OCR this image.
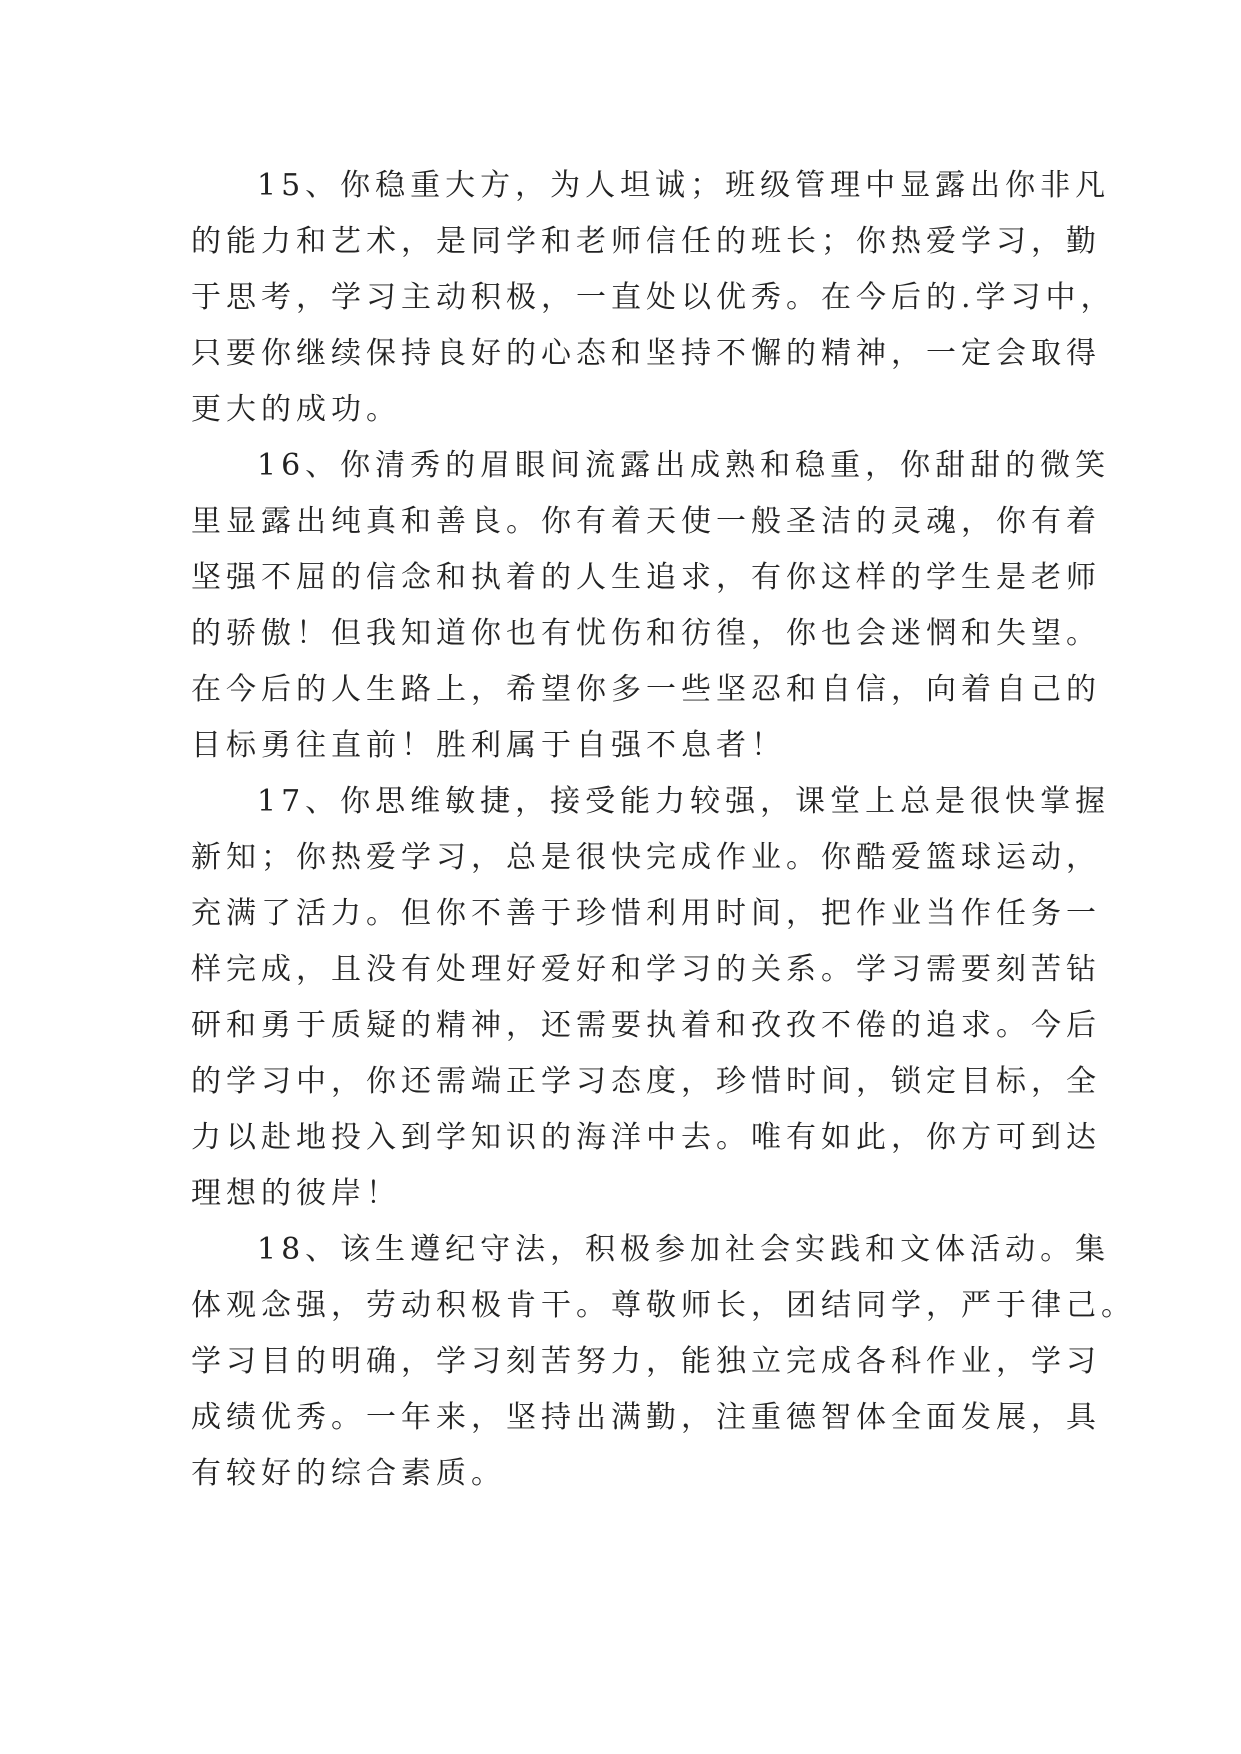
15、你稳重大方，为人坦诚；班级管理中显露出你非凡
的能力和艺术，是同学和老师信任的班长；你热爱学习，勤
于思考，学习主动积极，一直处以优秀。在今后的.学习中，
只要你继续保持良好的心态和坚持不懈的精神，一定会取得
更大的成功。
16、你清秀的眉眼间流露出成熟和稳重，你甜甜的微笑
里显露出纯真和善良。你有着天使一般圣洁的灵魂，你有着
坚强不屈的信念和执着的人生追求，有你这样的学生是老师
的骄傲！但我知道你也有忧伤和彷徨，你也会迷惘和失望。
在今后的人生路上，希望你多一些坚忍和自信，向着自己的
目标勇往直前！胜利属于自强不息者！
17、你思维敏捷，接受能力较强，课堂上总是很快掌握
新知；你热爱学习，总是很快完成作业。你酷爱篮球运动，
充满了活力。但你不善于珍惜利用时间，把作业当作任务一
样完成，且没有处理好爱好和学习的关系。学习需要刻苦钻
研和勇于质疑的精神，还需要执着和孜孜不倦的追求。今后
的学习中，你还需端正学习态度，珍惜时间，锁定目标，全
力以赴地投入到学知识的海洋中去。唯有如此，你方可到达
理想的彼岸！
18、该生遵纪守法，积极参加社会实践和文体活动。集
体观念强，劳动积极肯干。尊敬师长，团结同学，严于律己。
学习目的明确，学习刻苦努力，能独立完成各科作业，学习
成绩优秀。一年来，坚持出满勤，注重德智体全面发展，具
有较好的综合素质。
